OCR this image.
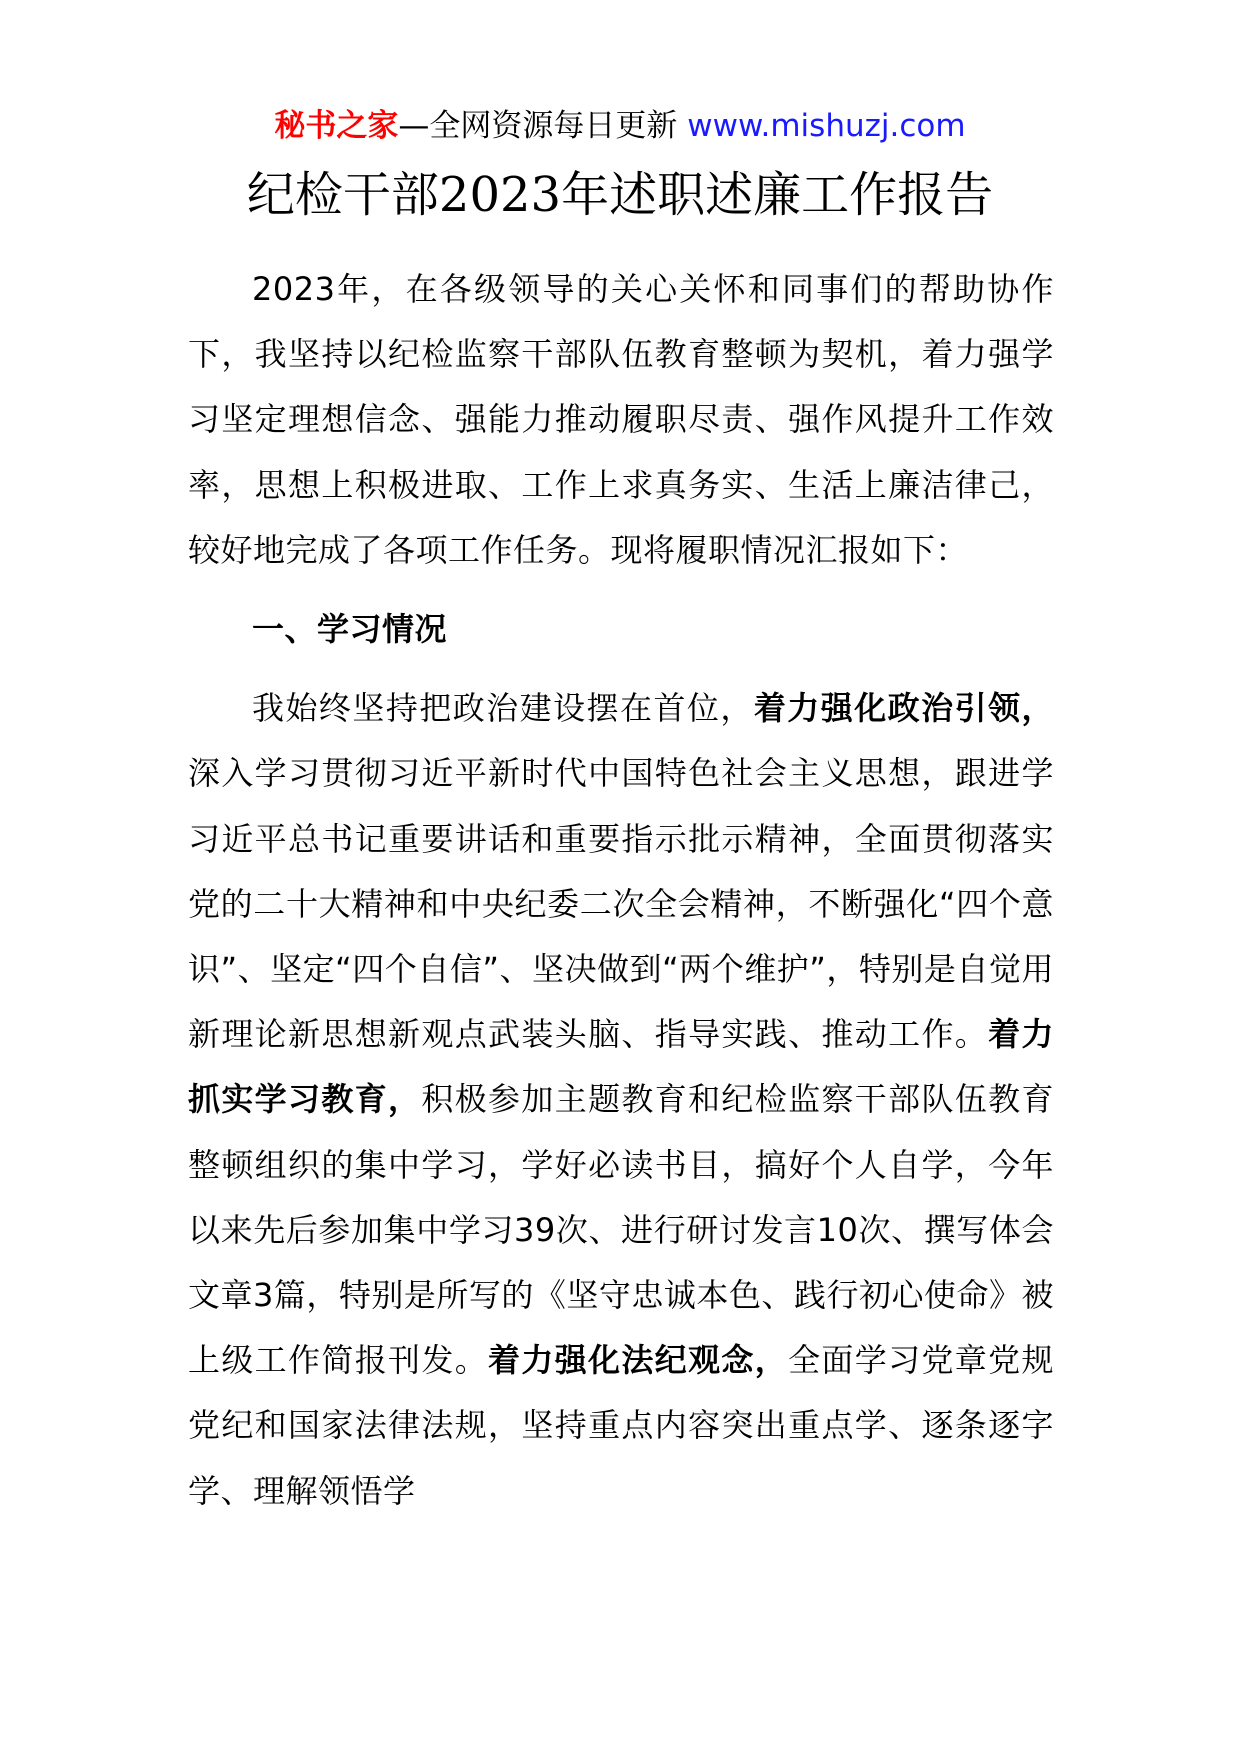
秘书之家—全网资源每日更新 www.mishuzj.com
纪检干部2023年述职述廉工作报告

2023年，在各级领导的关心关怀和同事们的帮助协作下，我坚持以纪检监察干部队伍教育整顿为契机，着力强学习坚定理想信念、强能力推动履职尽责、强作风提升工作效率，思想上积极进取、工作上求真务实、生活上廉洁律己，较好地完成了各项工作任务。现将履职情况汇报如下：

一、学习情况

我始终坚持把政治建设摆在首位，着力强化政治引领，深入学习贯彻习近平新时代中国特色社会主义思想，跟进学习近平总书记重要讲话和重要指示批示精神，全面贯彻落实党的二十大精神和中央纪委二次全会精神，不断强化“四个意识”、坚定“四个自信”、坚决做到“两个维护”，特别是自觉用新理论新思想新观点武装头脑、指导实践、推动工作。着力抓实学习教育，积极参加主题教育和纪检监察干部队伍教育整顿组织的集中学习，学好必读书目，搞好个人自学，今年以来先后参加集中学习39次、进行研讨发言10次、撰写体会文章3篇，特别是所写的《坚守忠诚本色、践行初心使命》被上级工作简报刊发。着力强化法纪观念，全面学习党章党规党纪和国家法律法规，坚持重点内容突出重点学、逐条逐字学、理解领悟学
